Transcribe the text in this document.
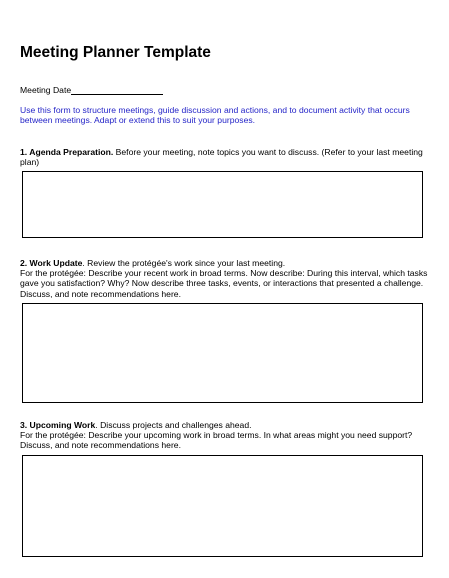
Meeting Planner Template
Meeting Date
Use this form to structure meetings, guide discussion and actions, and to document activity that occurs between meetings. Adapt or extend this to suit your purposes.
1. Agenda Preparation. Before your meeting, note topics you want to discuss. (Refer to your last meeting plan)
2. Work Update. Review the protégée's work since your last meeting.
For the protégée: Describe your recent work in broad terms. Now describe: During this interval, which tasks gave you satisfaction? Why? Now describe three tasks, events, or interactions that presented a challenge. Discuss, and note recommendations here.
3. Upcoming Work. Discuss projects and challenges ahead.
For the protégée: Describe your upcoming work in broad terms. In what areas might you need support? Discuss, and note recommendations here.
